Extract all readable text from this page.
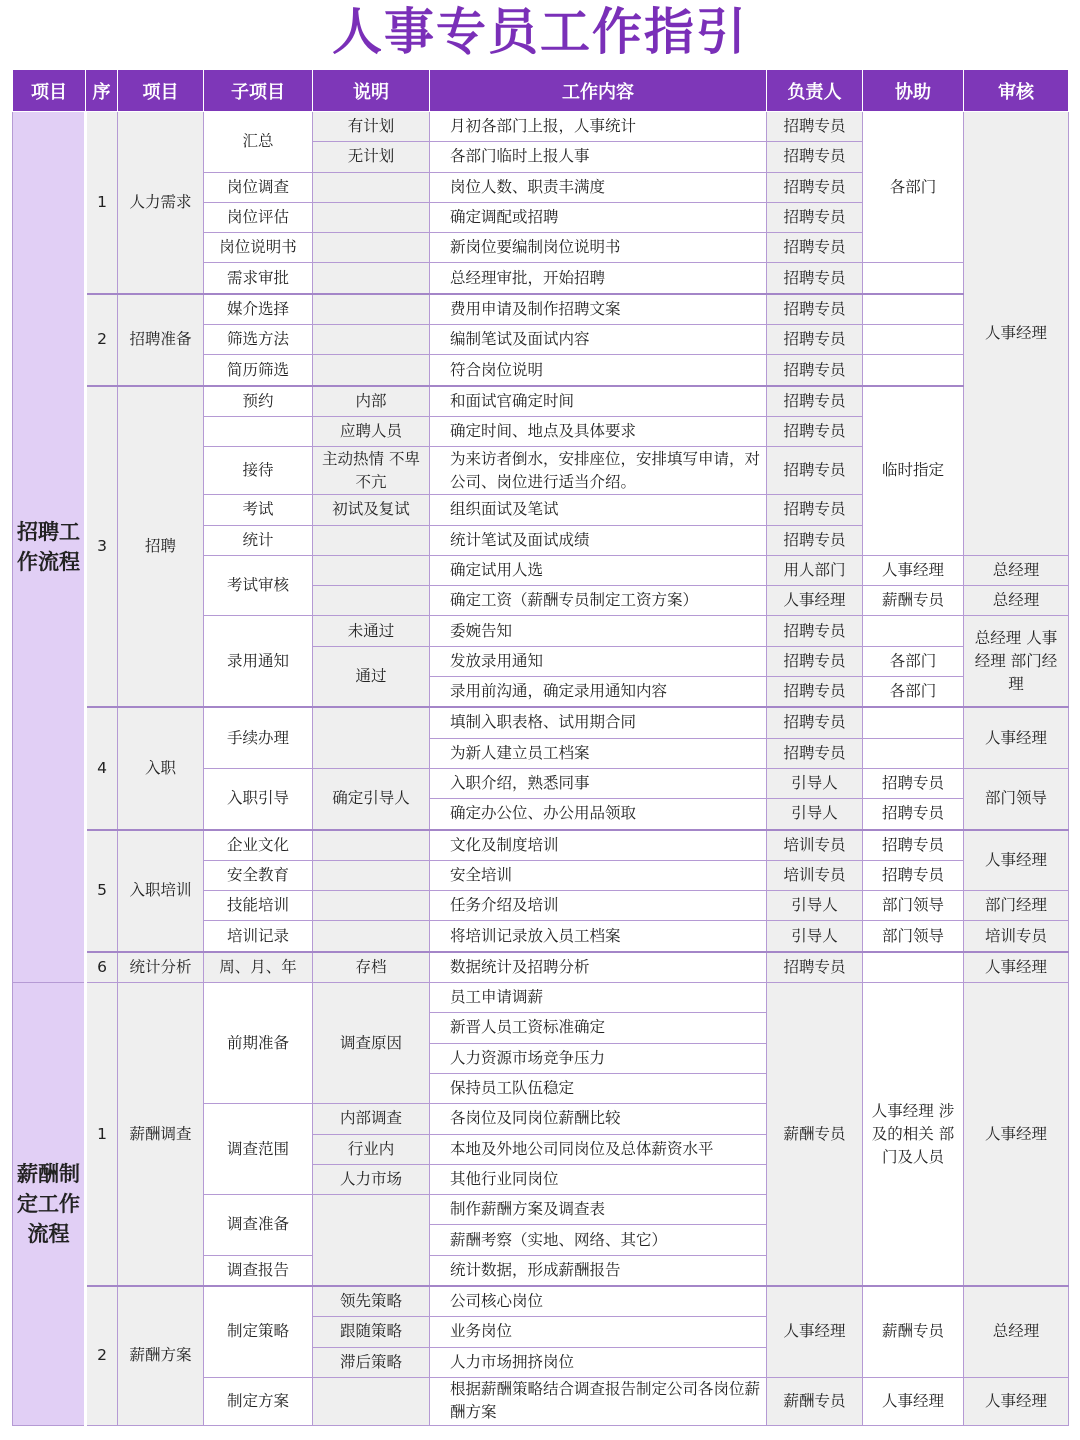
人事专员工作指引
项目	序	项目	子项目	说明	工作内容	负责人	协助	审核
招聘工作流程	1	人力需求	汇总	有计划	月初各部门上报，人事统计	招聘专员	各部门	人事经理
				无计划	各部门临时上报人事	招聘专员		
			岗位调查		岗位人数、职责丰满度	招聘专员		
			岗位评估		确定调配或招聘	招聘专员		
			岗位说明书		新岗位要编制岗位说明书	招聘专员		
			需求审批		总经理审批，开始招聘	招聘专员		
	2	招聘准备	媒介选择		费用申请及制作招聘文案	招聘专员		
			筛选方法		编制笔试及面试内容	招聘专员		
			简历筛选		符合岗位说明	招聘专员		
	3	招聘	预约	内部	和面试官确定时间	招聘专员	临时指定	
				应聘人员	确定时间、地点及具体要求	招聘专员		
			接待	主动热情 不卑不亢	为来访者倒水，安排座位，安排填写申请，对公司、岗位进行适当介绍。	招聘专员		
			考试	初试及复试	组织面试及笔试	招聘专员		
			统计		统计笔试及面试成绩	招聘专员		
			考试审核		确定试用人选	用人部门	人事经理	总经理
					确定工资（薪酬专员制定工资方案）	人事经理	薪酬专员	总经理
			录用通知	未通过	委婉告知	招聘专员		总经理 人事经理 部门经理
				通过	发放录用通知	招聘专员	各部门	
					录用前沟通，确定录用通知内容	招聘专员	各部门	
	4	入职	手续办理		填制入职表格、试用期合同	招聘专员		人事经理
					为新人建立员工档案	招聘专员		
			入职引导	确定引导人	入职介绍，熟悉同事	引导人	招聘专员	部门领导
					确定办公位、办公用品领取	引导人	招聘专员	
	5	入职培训	企业文化		文化及制度培训	培训专员	招聘专员	人事经理
			安全教育		安全培训	培训专员	招聘专员	
			技能培训		任务介绍及培训	引导人	部门领导	部门经理
			培训记录		将培训记录放入员工档案	引导人	部门领导	培训专员
	6	统计分析	周、月、年	存档	数据统计及招聘分析	招聘专员		人事经理
薪酬制定工作流程	1	薪酬调查	前期准备	调查原因	员工申请调薪	薪酬专员	人事经理 涉及的相关 部门及人员	人事经理
					新晋人员工资标准确定			
					人力资源市场竞争压力			
					保持员工队伍稳定			
			调查范围	内部调查	各岗位及同岗位薪酬比较			
				行业内	本地及外地公司同岗位及总体薪资水平			
				人力市场	其他行业同岗位			
			调查准备		制作薪酬方案及调查表			
					薪酬考察（实地、网络、其它）			
			调查报告		统计数据，形成薪酬报告			
	2	薪酬方案	制定策略	领先策略	公司核心岗位	人事经理	薪酬专员	总经理
				跟随策略	业务岗位			
				滞后策略	人力市场拥挤岗位			
			制定方案		根据薪酬策略结合调查报告制定公司各岗位薪酬方案	薪酬专员	人事经理	人事经理
